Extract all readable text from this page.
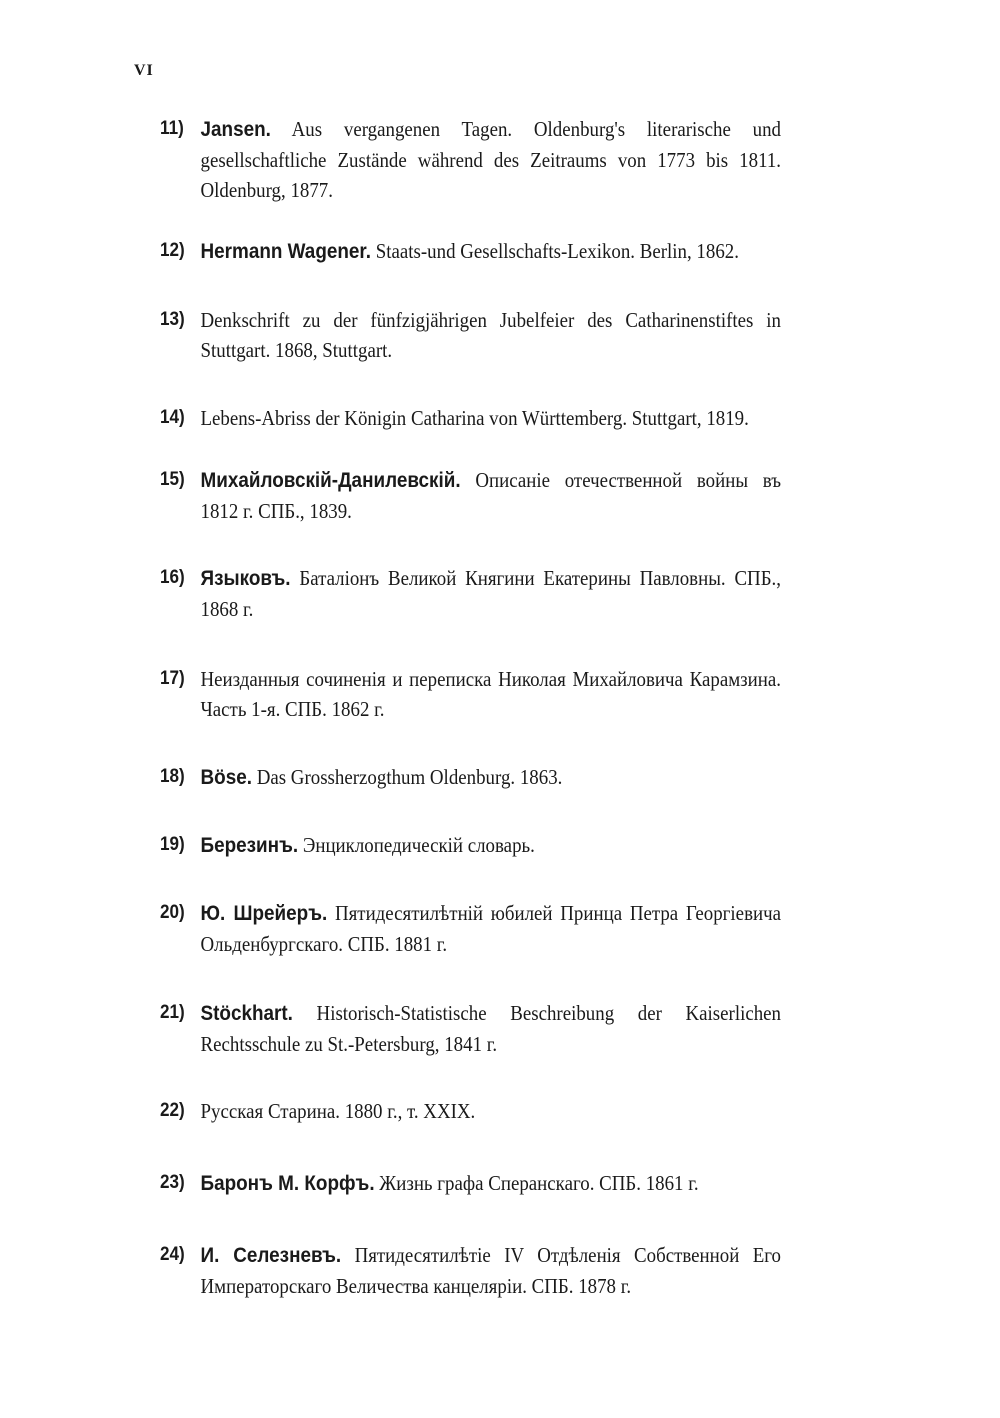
VI
11) Jansen. Aus vergangenen Tagen. Oldenburg's literarische und gesellschaftliche Zustände während des Zeitraums von 1773 bis 1811. Oldenburg, 1877.
12) Hermann Wagener. Staats-und Gesellschafts-Lexikon. Berlin, 1862.
13) Denkschrift zu der fünfzigjährigen Jubelfeier des Catharinenstiftes in Stuttgart. 1868, Stuttgart.
14) Lebens-Abriss der Königin Catharina von Württemberg. Stuttgart, 1819.
15) Михайловскій-Данилевскій. Описаніе отечественной войны въ 1812 г. СПБ., 1839.
16) Языковъ. Баталіонъ Великой Княгини Екатерины Павловны. СПБ., 1868 г.
17) Неизданныя сочиненія и переписка Николая Михайловича Карамзина. Часть 1-я. СПБ. 1862 г.
18) Böse. Das Grossherzogthum Oldenburg. 1863.
19) Березинъ. Энциклопедическій словарь.
20) Ю. Шрейеръ. Пятидесятилѣтній юбилей Принца Петра Георгіевича Ольденбургскаго. СПБ. 1881 г.
21) Stöckhart. Historisch-Statistische Beschreibung der Kaiserlichen Rechtsschule zu St.-Petersburg, 1841 г.
22) Русская Старина. 1880 г., т. XXIX.
23) Баронъ М. Корфъ. Жизнь графа Сперанскаго. СПБ. 1861 г.
24) И. Селезневъ. Пятидесятилѣтіе IV Отдѣленія Собственной Его Императорскаго Величества канцеляріи. СПБ. 1878 г.
